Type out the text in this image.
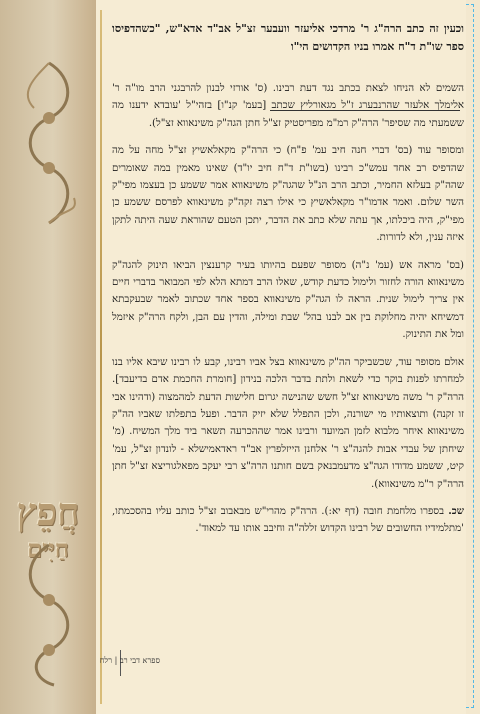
חֲפֵץ
חַיִּים

וכעין זה כתב הרה"ג ר' מרדכי אליעזר וועבער זצ"ל אב"ד אדא"ש, "כשהדפיסו ספר שו"ת ד"ח אמרו בניו הקדושים הי"ו

השמים לא הניחו לצאת בכתב נגד דעת רבינו. (ס' אורזי לבנון להרבגני הרב מו"ה ר' אלימלך אלעזר שהרנבערג ז"ל מגאורליץ שכתב [בעמ' קנ"ו] בזהי"ל 'עובדא ידענו מה ששמעתי מה שסיפר' הרה"ק רמ"מ מפריסטיק זצ"ל חתן הגה"ק משינאווא זצ"ל).

ומסופר עוד (בס' דברי חנה חיב עמ' פ"ח) כי הרה"ק מקאלאשיץ זצ"ל מחה על מה שהדפיס רב אחד עמש"כ רבינו (בשו"ת ד"ח חיב יו"ד) שאינו מאמין במה שאומרים שהה"ק בעלזא החמיר, וכתב הרב הנ"ל שהגה"ק משינאווא אמר ששמע כן בעצמו מפי"ק השר שלום. ואמר אדמו"ר מקאלאשיץ כי אילו רצה זקה"ק משינאווא לפרסם ששמע כן מפי"ק, היה ביכלתו, אך עתה שלא כתב את הדבר, יתכן הטעם שהוראת שעה היתה לתקן איזה ענין, ולא לדורות.

(בס' מראה אש (עמ' נ"ה) מסופר שפעם בהיותו בעיר קרענצין הביאו תינוק להגה"ק משינאווא הורה לחזור ולימול כדעת קודש, שאלו הרב דמתא הלא לפי המבואר בדברי חיים אין צריך לימול שנית. הראה לו הגה"ק משינאווא בספר אחד שכתוב לאמר שבעקבתא דמשיחא יהיה מחלוקת בין אב לבנו בהל' שבת ומילה, והדין עם הבן, ולקח הרה"ק איזמל ומל את התינוק.

אולם מסופר עוד, שכשביקר הה"ק משינאווא בצל אביו רבינו, קבע לו רבינו שיבא אליו בנו למחרתו לפנות בוקר כדי לשאת ולתת בדבר הלכה בנידון [חומרת החכמת אדם בדיעבד]. הרה"ק ר' משה משינאווא זצ"ל חשש שהנישה יגרום חלישות הדעת למהמצוה (ודהינו אבי זו זקנה) ותוצאותיו מי ישורנה, ולכן התפלל שלא יזיק הדבר. ופעל בתפלתו שאביו הה"ק משינאווא איחר מלבוא לזמן המיועד ורבינו אמר שההכרעה תשאר ביד מלך המשיח. (מ' שיחתן של עבדי אבות להגה"צ ר' אלחנן הייזלפרין אב"ד ראדאמישלא - לונדון זצ"ל, עמ' קיט, ששמע מדודו הגה"צ מדעמבנאק בשם חותנו הרה"צ רבי יעקב מפאלגוריצא זצ"ל חתן הרה"ק ר"מ משינאווא).

שכ. בספרו מלחמת חובה (דף יא:). הרה"ק מהרי"ש מבאבוב זצ"ל כותב עליו בהסכמתו, 'מתלמידיו החשובים של רבינו הקדוש זללה"ה וחיבב אותו עד למאוד'.

ספרא דבי רב | רלח
